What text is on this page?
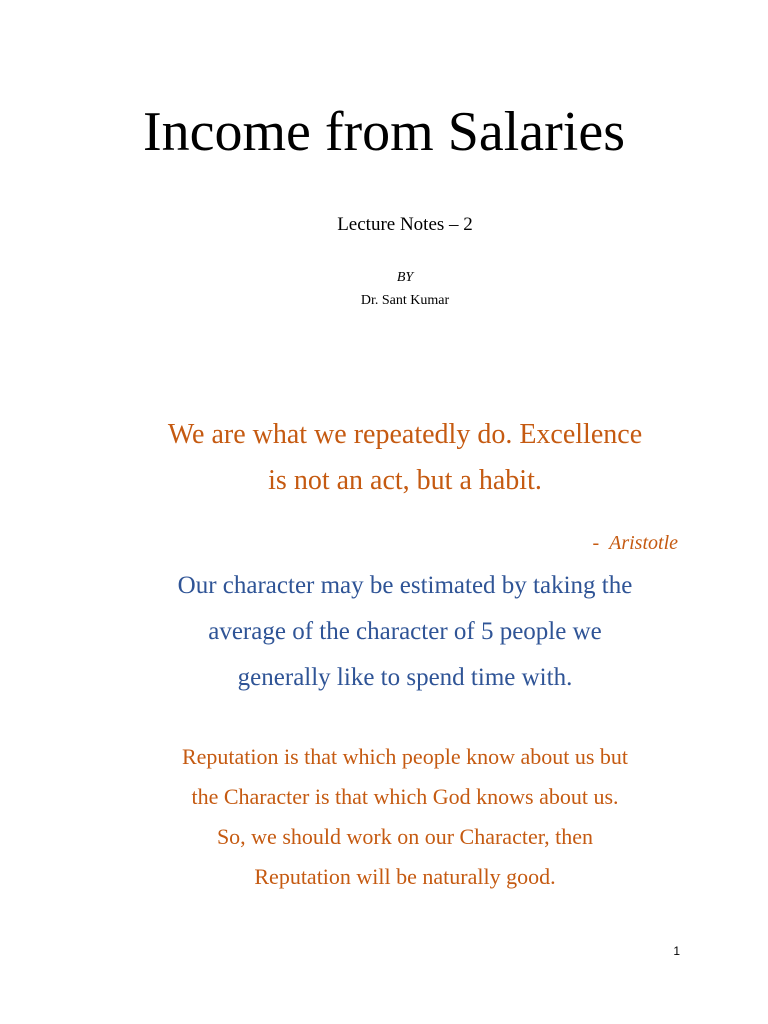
Income from Salaries
Lecture Notes – 2
BY
Dr. Sant Kumar
We are what we repeatedly do. Excellence
is not an act, but a habit.
- Aristotle
Our character may be estimated by taking the
average of the character of 5 people we
generally like to spend time with.
Reputation is that which people know about us but
the Character is that which God knows about us.
So, we should work on our Character, then
Reputation will be naturally good.
1
